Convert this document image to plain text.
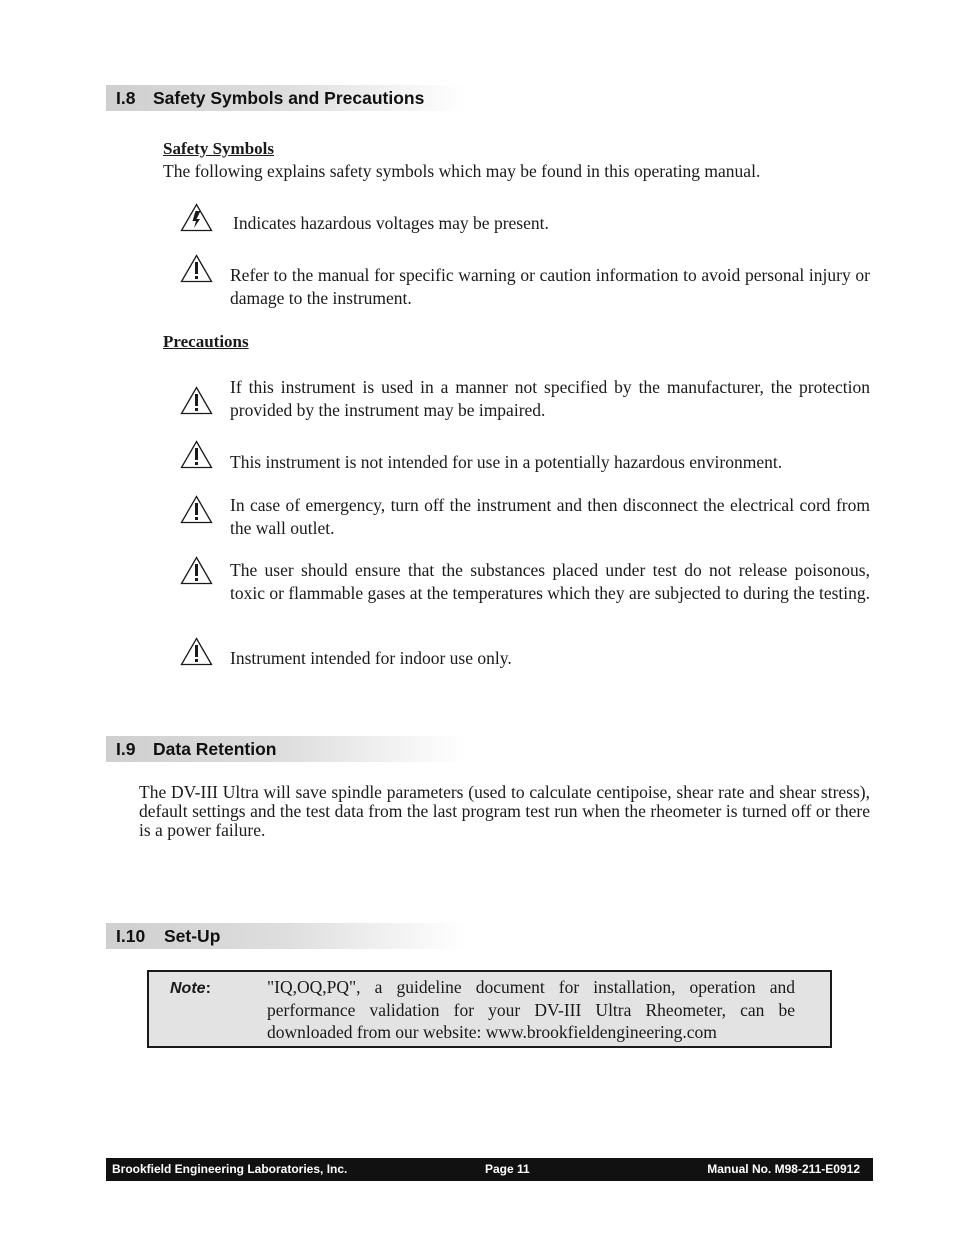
I.8 Safety Symbols and Precautions
Safety Symbols
The following explains safety symbols which may be found in this operating manual.
Indicates hazardous voltages may be present.
Refer to the manual for specific warning or caution information to avoid personal injury or damage to the instrument.
Precautions
If this instrument is used in a manner not specified by the manufacturer, the protection provided by the instrument may be impaired.
This instrument is not intended for use in a potentially hazardous environment.
In case of emergency, turn off the instrument and then disconnect the electrical cord from the wall outlet.
The user should ensure that the substances placed under test do not release poisonous, toxic or flammable gases at the temperatures which they are subjected to during the testing.
Instrument intended for indoor use only.
I.9 Data Retention
The DV-III Ultra will save spindle parameters (used to calculate centipoise, shear rate and shear stress), default settings and the test data from the last program test run when the rheometer is turned off or there is a power failure.
I.10 Set-Up
Note:	"IQ,OQ,PQ", a guideline document for installation, operation and performance validation for your DV-III Ultra Rheometer, can be downloaded from our website: www.brookfieldengineering.com
Brookfield Engineering Laboratories, Inc.	Page 11	Manual No. M98-211-E0912
